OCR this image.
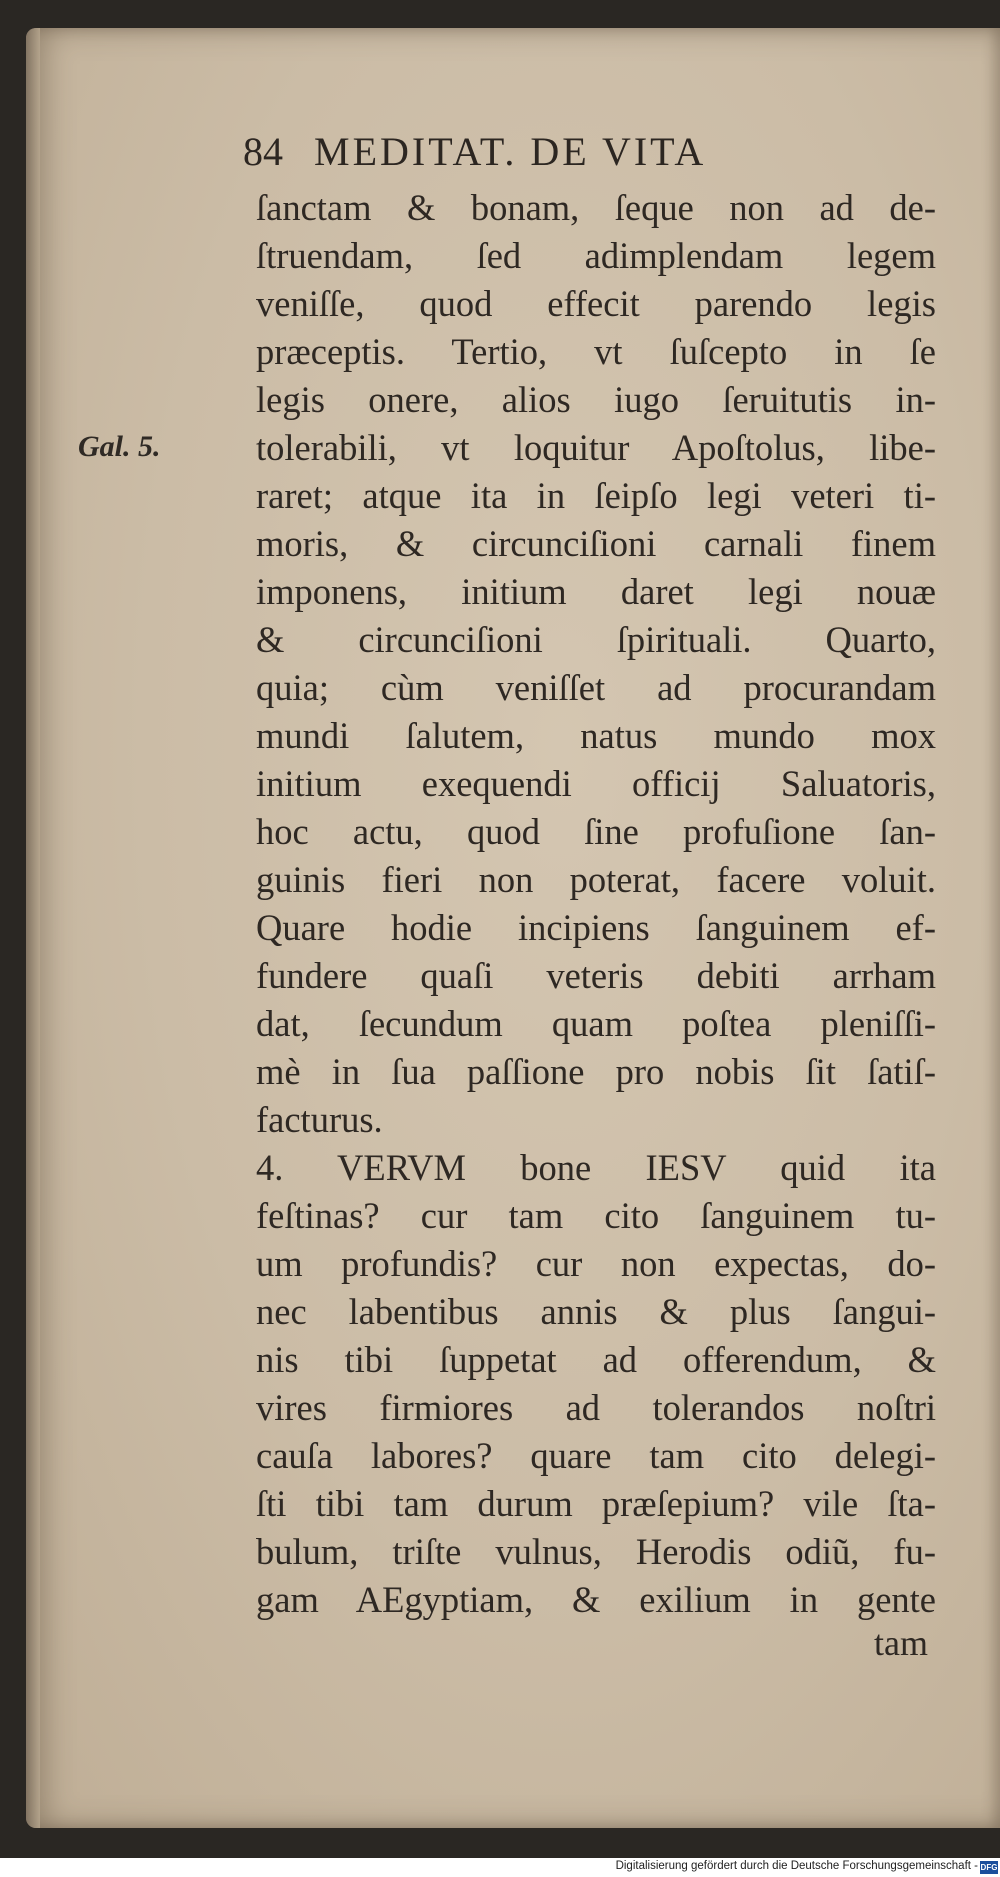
84 MEDITAT. DE VITA
Gal. 5.
ſanctam & bonam, ſeque non ad de-
ſtruendam, ſed adimplendam legem
veniſſe, quod effecit parendo legis
præceptis. Tertio, vt ſuſcepto in ſe
legis onere, alios iugo ſeruitutis in-
tolerabili, vt loquitur Apoſtolus, libe-
raret; atque ita in ſeipſo legi veteri ti-
moris, & circunciſioni carnali finem
imponens, initium daret legi nouæ
& circunciſioni ſpirituali. Quarto,
quia; cùm veniſſet ad procurandam
mundi ſalutem, natus mundo mox
initium exequendi officij Saluatoris,
hoc actu, quod ſine profuſione ſan-
guinis fieri non poterat, facere voluit.
Quare hodie incipiens ſanguinem ef-
fundere quaſi veteris debiti arrham
dat, ſecundum quam poſtea pleniſſi-
mè in ſua paſſione pro nobis ſit ſatiſ-
facturus.
4. VERVM bone IESV quid ita
feſtinas? cur tam cito ſanguinem tu-
um profundis? cur non expectas, do-
nec labentibus annis & plus ſangui-
nis tibi ſuppetat ad offerendum, &
vires firmiores ad tolerandos noſtri
cauſa labores? quare tam cito delegi-
ſti tibi tam durum præſepium? vile ſta-
bulum, triſte vulnus, Herodis odiũ, fu-
gam AEgyptiam, & exilium in gente
tam
Digitalisierung gefördert durch die Deutsche Forschungsgemeinschaft - DFG
